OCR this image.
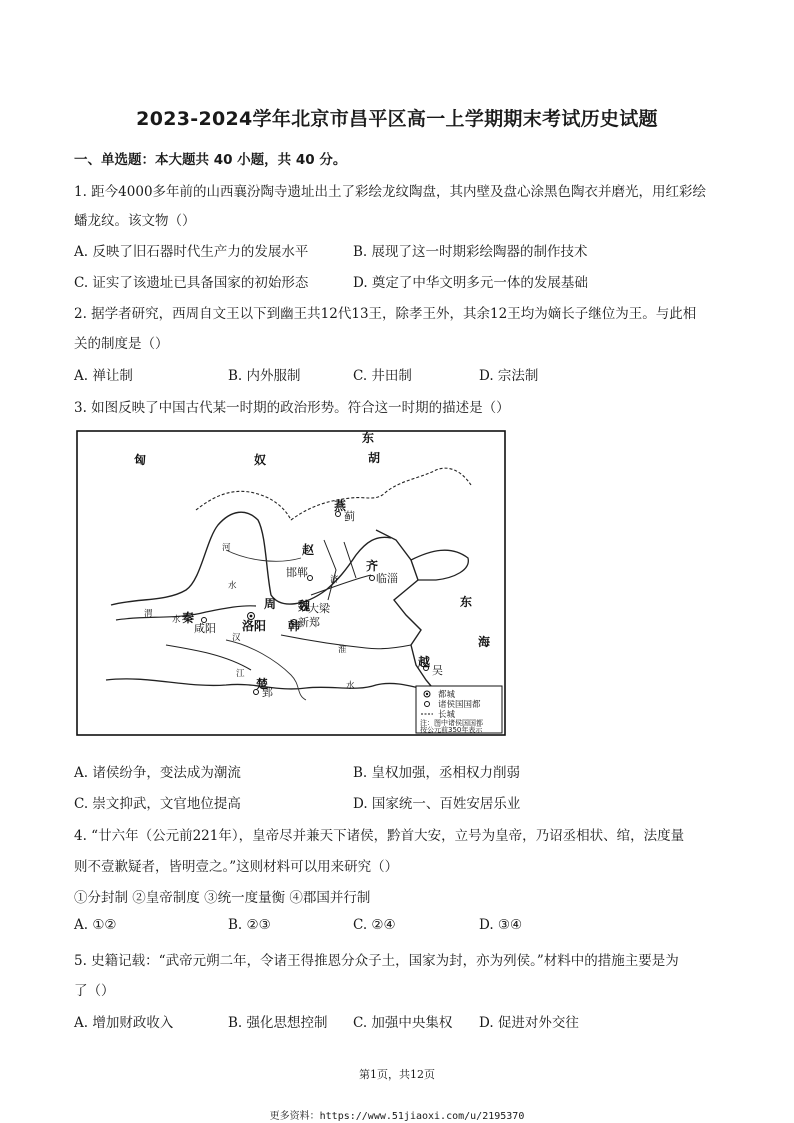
2023-2024学年北京市昌平区高一上学期期末考试历史试题
一、单选题：本大题共 40 小题，共 40 分。
1. 距今4000多年前的山西襄汾陶寺遗址出土了彩绘龙纹陶盘，其内壁及盘心涂黑色陶衣并磨光，用红彩绘
蟠龙纹。该文物（）
A. 反映了旧石器时代生产力的发展水平	B. 展现了这一时期彩绘陶器的制作技术
C. 证实了该遗址已具备国家的初始形态	D. 奠定了中华文明多元一体的发展基础
2. 据学者研究，西周自文王以下到幽王共12代13王，除孝王外，其余12王均为嫡长子继位为王。与此相
关的制度是（）
A. 禅让制	B. 内外服制	C. 井田制	D. 宗法制
3. 如图反映了中国古代某一时期的政治形势。符合这一时期的描述是（）
匈	奴
东
胡
东
海
燕
赵
秦
魏
韩
楚
齐
越
周
蓟
邯郸	临淄
大梁
咸阳 洛阳	新郑
郢
吴
河
水
渭
水
济
江
水
汉
淮
都城
诸侯国国都
长城
注：图中诸侯国国都
按公元前350年表示
A. 诸侯纷争，变法成为潮流	B. 皇权加强，丞相权力削弱
C. 崇文抑武，文官地位提高	D. 国家统一、百姓安居乐业
4. “廿六年（公元前221年），皇帝尽并兼天下诸侯，黔首大安，立号为皇帝，乃诏丞相状、绾，法度量
则不壹歉疑者，皆明壹之。”这则材料可以用来研究（）
①分封制 ②皇帝制度 ③统一度量衡 ④郡国并行制
A. ①②	B. ②③	C. ②④	D. ③④
5. 史籍记载：“武帝元朔二年，令诸王得推恩分众子土，国家为封，亦为列侯。”材料中的措施主要是为
了（）
A. 增加财政收入	B. 强化思想控制 C. 加强中央集权 D. 促进对外交往
第1页，共12页
更多资料：https://www.51jiaoxi.com/u/2195370
